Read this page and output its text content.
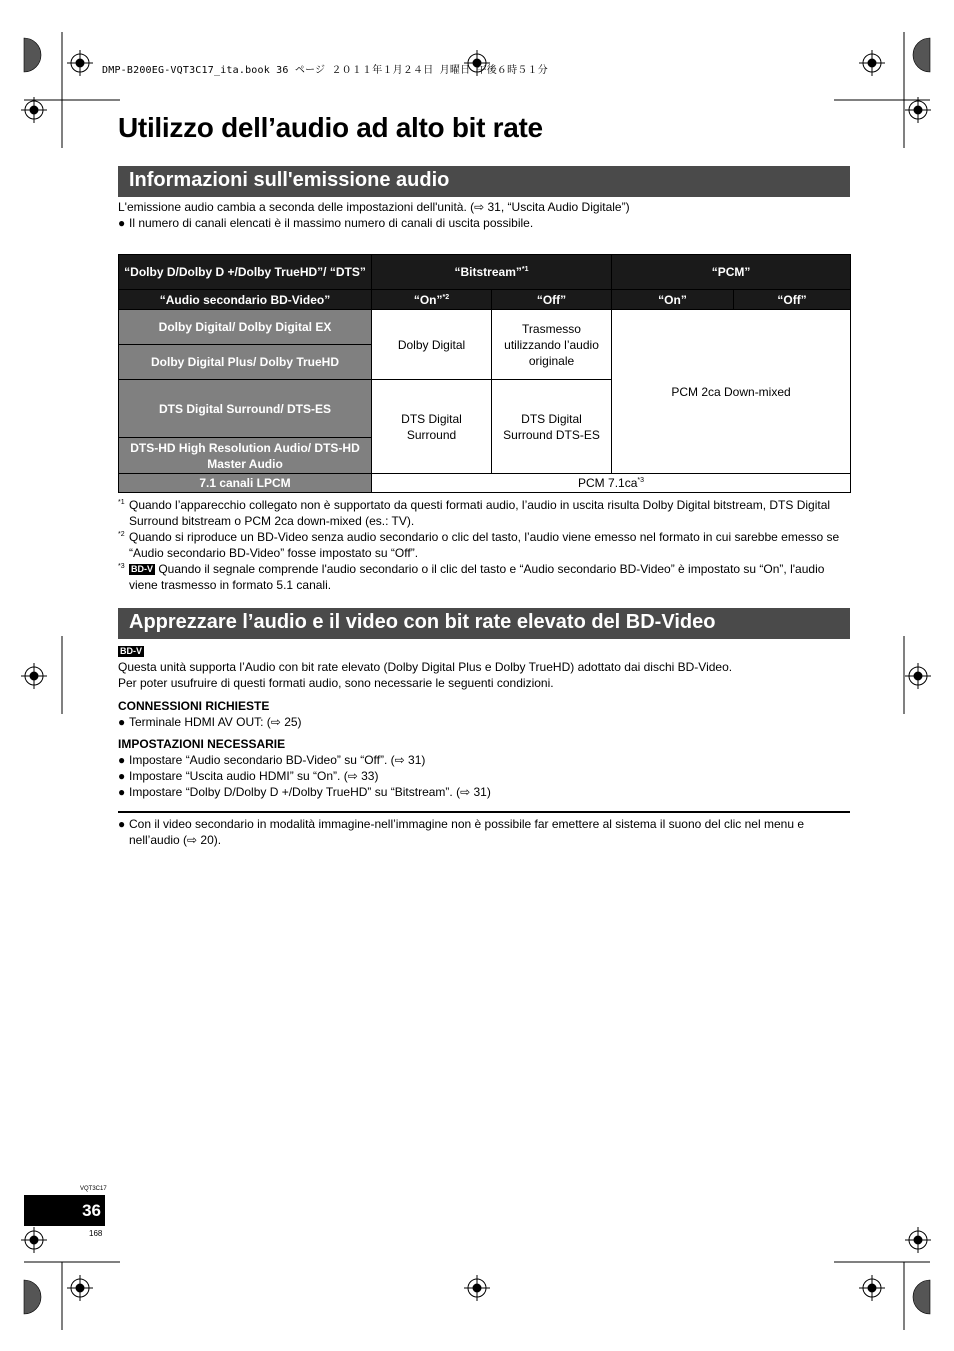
DMP-B200EG-VQT3C17_ita.book 36 ページ ２０１１年１月２４日 月曜日 午後６時５１分
Utilizzo dell’audio ad alto bit rate
Informazioni sull'emissione audio
L'emissione audio cambia a seconda delle impostazioni dell'unità. (⇨ 31, “Uscita Audio Digitale”)
● Il numero di canali elencati è il massimo numero di canali di uscita possibile.
“Dolby D/Dolby D +/Dolby TrueHD”/ “DTS”	“Bitstream”$^{*1}$		“PCM”	
“Audio secondario BD-Video”	“On”$^{*2}$	“Off”	“On”	“Off”
Dolby Digital/ Dolby Digital EX	Dolby Digital	Trasmesso utilizzando l’audio originale	PCM 2ca Down-mixed	
Dolby Digital Plus/ Dolby TrueHD				
DTS Digital Surround/ DTS-ES	DTS Digital Surround	DTS Digital Surround DTS-ES		
DTS-HD High Resolution Audio/ DTS-HD Master Audio				
7.1 canali LPCM	PCM $7.1ca^{*3}$

*1 Quando l’apparecchio collegato non è supportato da questi formati audio, l’audio in uscita risulta Dolby Digital bitstream, DTS Digital Surround bitstream o PCM 2ca down-mixed (es.: TV).

*2 Quando si riproduce un BD-Video senza audio secondario o clic del tasto, l’audio viene emesso nel formato in cui sarebbe emesso se “Audio secondario BD-Video” fosse impostato su “Off”.

*3 BD-V Quando il segnale comprende l'audio secondario o il clic del tasto e “Audio secondario BD-Video” è impostato su “On”, l'audio viene trasmesso in formato 5.1 canali.

Apprezzare l’audio e il video con bit rate elevato del BD-Video
BD-V
Questa unità supporta l’Audio con bit rate elevato (Dolby Digital Plus e Dolby TrueHD) adottato dai dischi BD-Video.
Per poter usufruire di questi formati audio, sono necessarie le seguenti condizioni.
CONNESSIONI RICHIESTE
● Terminale HDMI AV OUT: (⇨ 25)
IMPOSTAZIONI NECESSARIE
● Impostare “Audio secondario BD-Video” su “Off”. (⇨ 31)
● Impostare “Uscita audio HDMI” su “On”. (⇨ 33)
● Impostare “Dolby D/Dolby D +/Dolby TrueHD” su “Bitstream”. (⇨ 31)
● Con il video secondario in modalità immagine-nell’immagine non è possibile far emettere al sistema il suono del clic nel menu e nell’audio (⇨ 20).
VQT3C17
36
168
